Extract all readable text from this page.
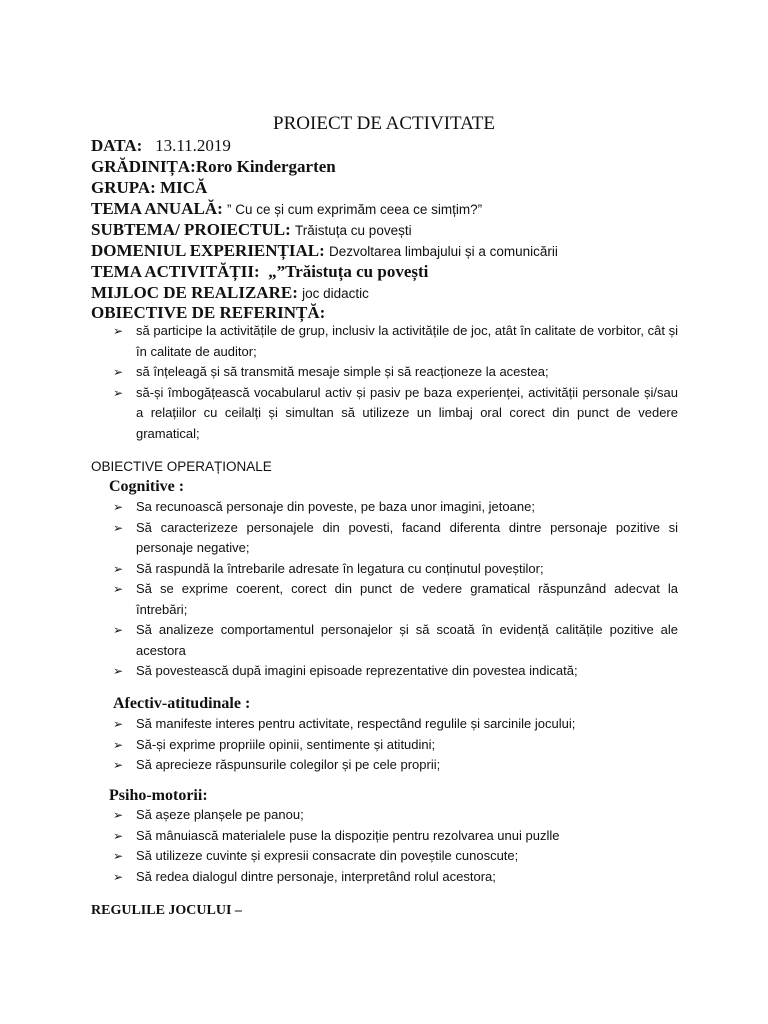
PROIECT DE ACTIVITATE
DATA: 13.11.2019
GRĂDINIȚA:Roro Kindergarten
GRUPA: MICĂ
TEMA ANUALĂ: ” Cu ce și cum exprimăm ceea ce simțim?”
SUBTEMA/ PROIECTUL: Trăistuța cu povești
DOMENIUL EXPERIENȚIAL: Dezvoltarea limbajului și a comunicării
TEMA ACTIVITĂȚII: „”Trăistuța cu povești
MIJLOC DE REALIZARE: joc didactic
OBIECTIVE DE REFERINȚĂ:
➢ să participe la activitățile de grup, inclusiv la activitățile de joc, atât în calitate de vorbitor, cât și în calitate de auditor;
➢ să înțeleagă și să transmită mesaje simple și să reacționeze la acestea;
➢ să-și îmbogățească vocabularul activ și pasiv pe baza experienței, activității personale și/sau a relațiilor cu ceilalți și simultan să utilizeze un limbaj oral corect din punct de vedere gramatical;
OBIECTIVE OPERAȚIONALE
Cognitive :
➢ Sa recunoască personaje din poveste, pe baza unor imagini, jetoane;
➢ Să caracterizeze personajele din povesti, facand diferenta dintre personaje pozitive si personaje negative;
➢ Să raspundă la întrebarile adresate în legatura cu conținutul poveștilor;
➢ Să se exprime coerent, corect din punct de vedere gramatical răspunzând adecvat la întrebări;
➢ Să analizeze comportamentul personajelor și să scoată în evidență calitățile pozitive ale acestora
➢ Să povestească după imagini episoade reprezentative din povestea indicată;
Afectiv-atitudinale :
➢ Să manifeste interes pentru activitate, respectând regulile și sarcinile jocului;
➢ Să-și exprime propriile opinii, sentimente și atitudini;
➢ Să aprecieze răspunsurile colegilor și pe cele proprii;
Psiho-motorii:
➢ Să așeze planșele pe panou;
➢ Să mânuiască materialele puse la dispoziție pentru rezolvarea unui puzlle
➢ Să utilizeze cuvinte și expresii consacrate din poveștile cunoscute;
➢ Să redea dialogul dintre personaje, interpretând rolul acestora;
REGULILE JOCULUI –
